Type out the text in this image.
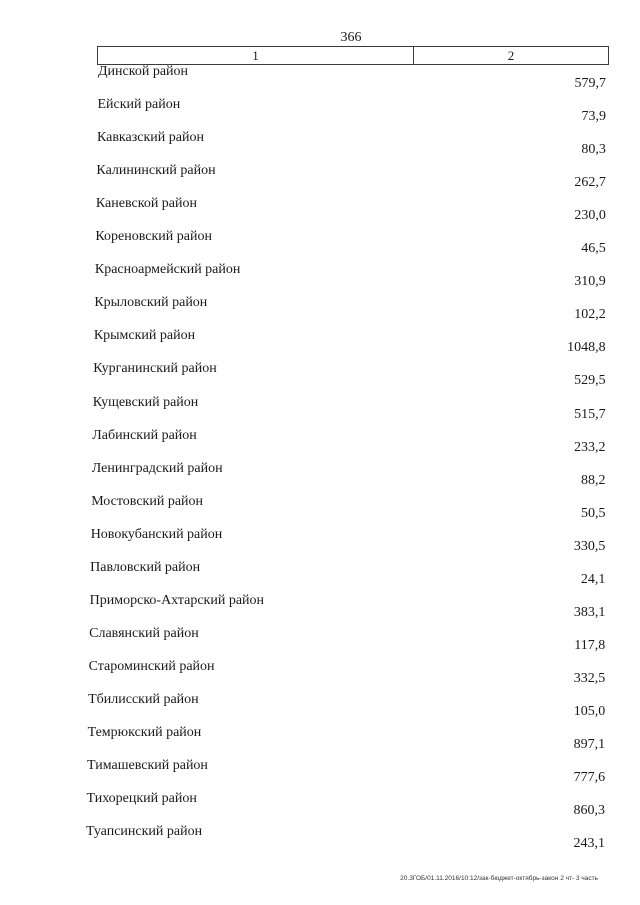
366
1	2
Динской район
579,7
Ейский район
73,9
Кавказский район
80,3
Калининский район
262,7
Каневской район
230,0
Кореновский район
46,5
Красноармейский район
310,9
Крыловский район
102,2
Крымский район
1048,8
Курганинский район
529,5
Кущевский район
515,7
Лабинский район
233,2
Ленинградский район
88,2
Мостовский район
50,5
Новокубанский район
330,5
Павловский район
24,1
Приморско-Ахтарский район
383,1
Славянский район
117,8
Староминский район
332,5
Тбилисский район
105,0
Темрюкский район
897,1
Тимашевский район
777,6
Тихорецкий район
860,3
Туапсинский район
243,1
20.3ГОБ/01.11.2016/10:12/зак-бюджет-октябрь-закон 2 чт- 3 часть
